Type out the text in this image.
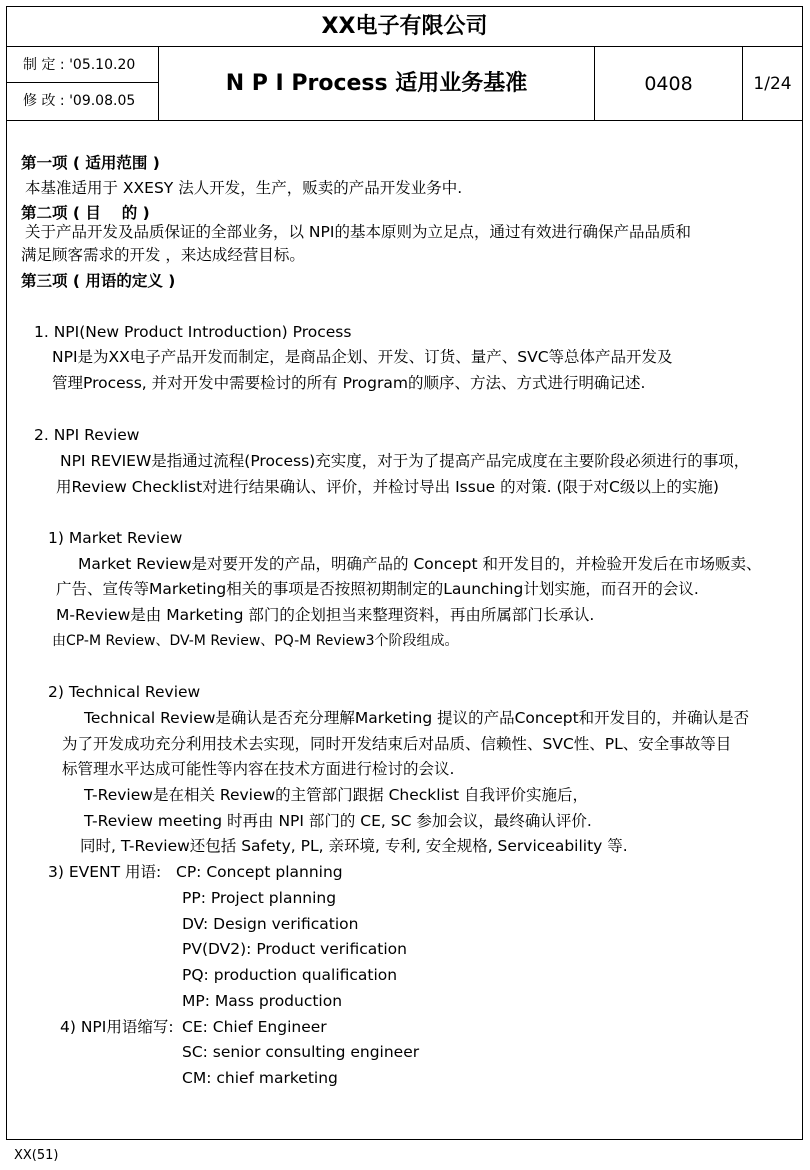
XX电子有限公司
制 定 : '05.10.20
修 改 : '09.08.05
N P I Process 适用业务基准	0408	1/24
第一项 ( 适用范围 )
本基准适用于 XXESY 法人开发，生产，贩卖的产品开发业务中.
第二项 ( 目　 的 )
关于产品开发及品质保证的全部业务，以 NPI的基本原则为立足点，通过有效进行确保产品品质和
满足顾客需求的开发 ，来达成经营目标。
第三项 ( 用语的定义 )
1. NPI(New Product Introduction) Process
NPI是为XX电子产品开发而制定，是商品企划、开发、订货、量产、SVC等总体产品开发及
管理Process, 并对开发中需要检讨的所有 Program的顺序、方法、方式进行明确记述.
2. NPI Review
NPI REVIEW是指通过流程(Process)充实度，对于为了提高产品完成度在主要阶段必须进行的事项，
用Review Checklist对进行结果确认、评价，并检讨导出 Issue 的对策. (限于对C级以上的实施)
1) Market Review
Market Review是对要开发的产品，明确产品的 Concept 和开发目的，并检验开发后在市场贩卖、
广告、宣传等Marketing相关的事项是否按照初期制定的Launching计划实施，而召开的会议.
M-Review是由 Marketing 部门的企划担当来整理资料，再由所属部门长承认.
由CP-M Review、DV-M Review、PQ-M Review3个阶段组成。
2) Technical Review
Technical Review是确认是否充分理解Marketing 提议的产品Concept和开发目的，并确认是否
为了开发成功充分利用技术去实现，同时开发结束后对品质、信赖性、SVC性、PL、安全事故等目
标管理水平达成可能性等内容在技术方面进行检讨的会议.
T-Review是在相关 Review的主管部门跟据 Checklist 自我评价实施后，
T-Review meeting 时再由 NPI 部门的 CE, SC 参加会议，最终确认评价.
同时, T-Review还包括 Safety, PL, 亲环境, 专利, 安全规格, Serviceability 等.
3) EVENT 用语: CP: Concept planning
PP: Project planning
DV: Design verification
PV(DV2): Product verification
PQ: production qualification
MP: Mass production
4) NPI用语缩写: CE: Chief Engineer
SC: senior consulting engineer
CM: chief marketing
XX(51)
